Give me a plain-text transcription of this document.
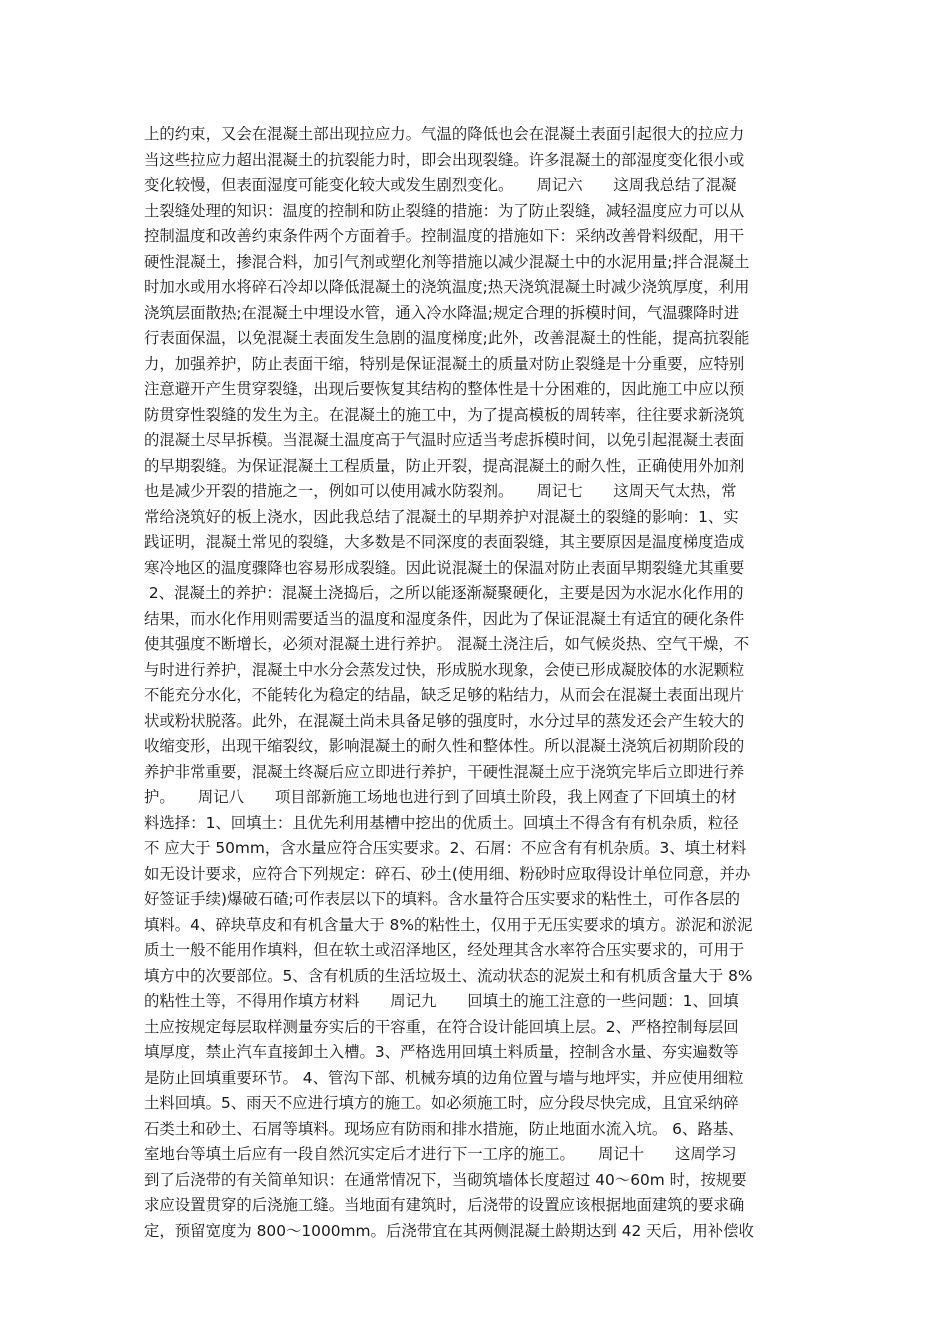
上的约束，又会在混凝土部出现拉应力。气温的降低也会在混凝土表面引起很大的拉应力
当这些拉应力超出混凝土的抗裂能力时，即会出现裂缝。许多混凝土的部湿度变化很小或
变化较慢，但表面湿度可能变化较大或发生剧烈变化。　　周记六　　这周我总结了混凝
土裂缝处理的知识：温度的控制和防止裂缝的措施：为了防止裂缝，减轻温度应力可以从
控制温度和改善约束条件两个方面着手。控制温度的措施如下：采纳改善骨料级配，用干
硬性混凝土，掺混合料，加引气剂或塑化剂等措施以减少混凝土中的水泥用量;拌合混凝土
时加水或用水将碎石冷却以降低混凝土的浇筑温度;热天浇筑混凝土时减少浇筑厚度，利用
浇筑层面散热;在混凝土中埋设水管，通入冷水降温;规定合理的拆模时间，气温骤降时进
行表面保温，以免混凝土表面发生急剧的温度梯度;此外，改善混凝土的性能，提高抗裂能
力，加强养护，防止表面干缩，特别是保证混凝土的质量对防止裂缝是十分重要，应特别
注意避开产生贯穿裂缝，出现后要恢复其结构的整体性是十分困难的，因此施工中应以预
防贯穿性裂缝的发生为主。在混凝土的施工中，为了提高模板的周转率，往往要求新浇筑
的混凝土尽早拆模。当混凝土温度高于气温时应适当考虑拆模时间，以免引起混凝土表面
的早期裂缝。为保证混凝土工程质量，防止开裂，提高混凝土的耐久性，正确使用外加剂
也是减少开裂的措施之一，例如可以使用减水防裂剂。　　周记七　　这周天气太热，常
常给浇筑好的板上浇水，因此我总结了混凝土的早期养护对混凝土的裂缝的影响：1、实
践证明，混凝土常见的裂缝，大多数是不同深度的表面裂缝，其主要原因是温度梯度造成
寒冷地区的温度骤降也容易形成裂缝。因此说混凝土的保温对防止表面早期裂缝尤其重要
2、混凝土的养护：混凝土浇捣后，之所以能逐渐凝聚硬化，主要是因为水泥水化作用的
结果，而水化作用则需要适当的温度和湿度条件，因此为了保证混凝土有适宜的硬化条件
使其强度不断增长，必须对混凝土进行养护。 混凝土浇注后，如气候炎热、空气干燥，不
与时进行养护，混凝土中水分会蒸发过快，形成脱水现象，会使已形成凝胶体的水泥颗粒
不能充分水化，不能转化为稳定的结晶，缺乏足够的粘结力，从而会在混凝土表面出现片
状或粉状脱落。此外，在混凝土尚未具备足够的强度时，水分过早的蒸发还会产生较大的
收缩变形，出现干缩裂纹，影响混凝土的耐久性和整体性。所以混凝土浇筑后初期阶段的
养护非常重要，混凝土终凝后应立即进行养护，干硬性混凝土应于浇筑完毕后立即进行养
护。　　周记八　　项目部新施工场地也进行到了回填土阶段，我上网查了下回填土的材
料选择：1、回填土：且优先利用基槽中挖出的优质土。回填土不得含有有机杂质，粒径
不 应大于 50mm，含水量应符合压实要求。2、石屑：不应含有有机杂质。3、填土材料
如无设计要求，应符合下列规定：碎石、砂土(使用细、粉砂时应取得设计单位同意，并办
好签证手续)爆破石碴;可作表层以下的填料。含水量符合压实要求的粘性土，可作各层的
填料。4、碎块草皮和有机含量大于 8%的粘性土，仅用于无压实要求的填方。淤泥和淤泥
质土一般不能用作填料，但在软土或沼泽地区，经处理其含水率符合压实要求的，可用于
填方中的次要部位。5、含有机质的生活垃圾土、流动状态的泥炭土和有机质含量大于 8%
的粘性土等，不得用作填方材料　　周记九　　回填土的施工注意的一些问题：1、回填
土应按规定每层取样测量夯实后的干容重，在符合设计能回填上层。2、严格控制每层回
填厚度，禁止汽车直接卸土入槽。3、严格选用回填土料质量，控制含水量、夯实遍数等
是防止回填重要环节。 4、管沟下部、机械夯填的边角位置与墙与地坪实，并应使用细粒
土料回填。5、雨天不应进行填方的施工。如必须施工时，应分段尽快完成，且宜采纳碎
石类土和砂土、石屑等填料。现场应有防雨和排水措施，防止地面水流入坑。 6、路基、
室地台等填土后应有一段自然沉实定后才进行下一工序的施工。　　周记十　　这周学习
到了后浇带的有关简单知识：在通常情况下，当砌筑墙体长度超过 40～60m 时，按规要
求应设置贯穿的后浇施工缝。当地面有建筑时，后浇带的设置应该根据地面建筑的要求确
定，预留宽度为 800～1000mm。后浇带宜在其两侧混凝土龄期达到 42 天后，用补偿收
